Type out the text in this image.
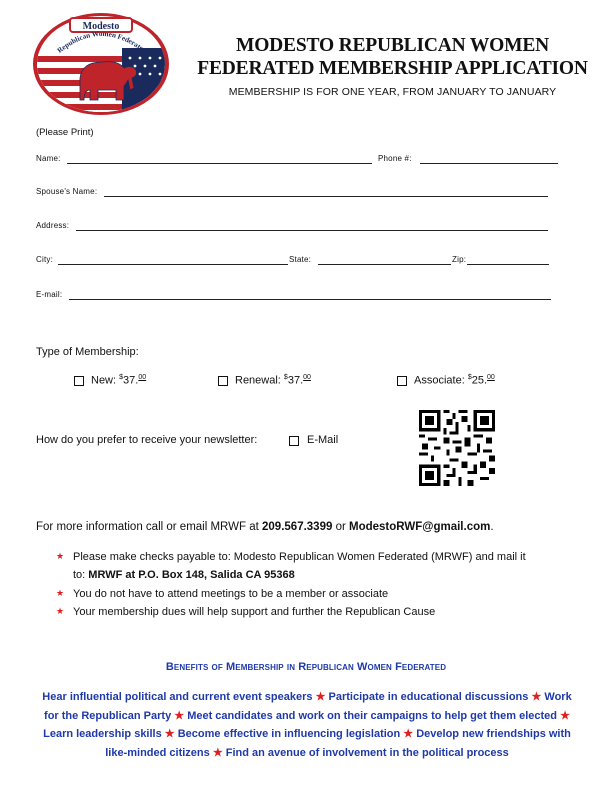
Modesto
Republican Women Federated	MODESTO REPUBLICAN WOMEN
FEDERATED MEMBERSHIP APPLICATION
MEMBERSHIP IS FOR ONE YEAR, FROM JANUARY TO JANUARY
(Please Print)
Name:	Phone #:
Spouse's Name:
Address:
City:	State:	Zip:
E-mail:
Type of Membership:
New: $37.00	Renewal: $37.00	Associate: $25.00
How do you prefer to receive your newsletter:	E-Mail
For more information call or email MRWF at 209.567.3399 or ModestoRWF@gmail.com.
★ Please make checks payable to: Modesto Republican Women Federated (MRWF) and mail it
to: MRWF at P.O. Box 148, Salida CA 95368
★ You do not have to attend meetings to be a member or associate
★ Your membership dues will help support and further the Republican Cause
Benefits of Membership in Republican Women Federated
Hear influential political and current event speakers ★ Participate in educational discussions ★ Work for the Republican Party ★ Meet candidates and work on their campaigns to help get them elected ★ Learn leadership skills ★ Become effective in influencing legislation ★ Develop new friendships with like-minded citizens ★ Find an avenue of involvement in the political process
